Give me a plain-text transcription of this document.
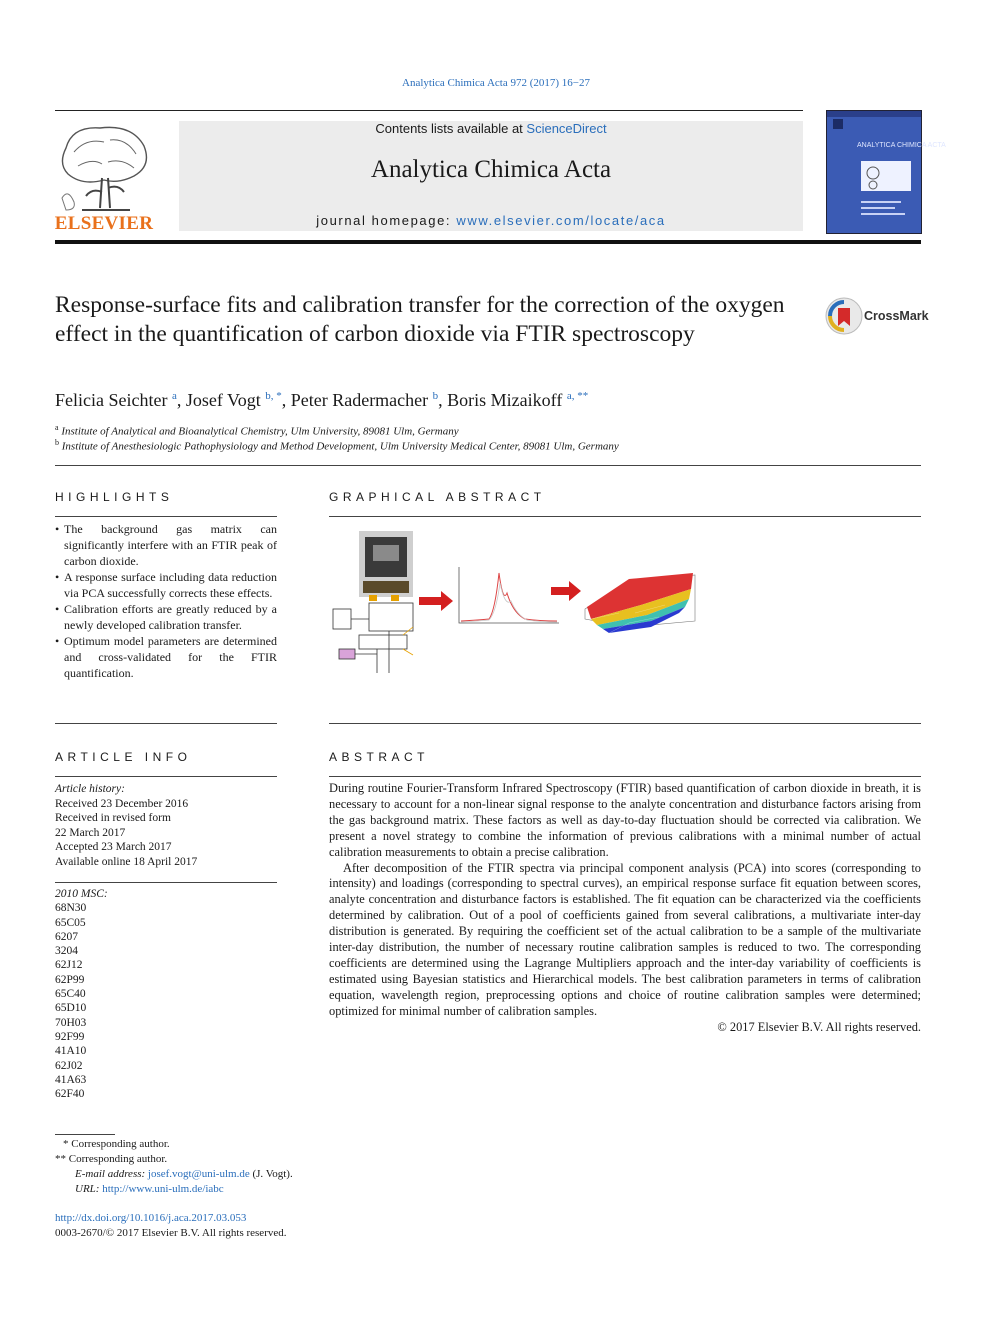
Analytica Chimica Acta 972 (2017) 16−27
ELSEVIER
Contents lists available at ScienceDirect
Analytica Chimica Acta
journal homepage: www.elsevier.com/locate/aca
ANALYTICA CHIMICA ACTA
Response-surface fits and calibration transfer for the correction of the oxygen effect in the quantification of carbon dioxide via FTIR spectroscopy
CrossMark
Felicia Seichter $^a$, Josef Vogt $^{b, *}$, Peter Radermacher $^b$, Boris Mizaikoff $^{a, **}$
$^a$ Institute of Analytical and Bioanalytical Chemistry, Ulm University, 89081 Ulm, Germany
$^b$ Institute of Anesthesiologic Pathophysiology and Method Development, Ulm University Medical Center, 89081 Ulm, Germany
HIGHLIGHTS	GRAPHICAL ABSTRACT
• The background gas matrix can significantly interfere with an FTIR peak of carbon dioxide.
• A response surface including data reduction via PCA successfully corrects these effects.
• Calibration efforts are greatly reduced by a newly developed calibration transfer.
• Optimum model parameters are determined and cross-validated for the FTIR quantification.
ARTICLE INFO	ABSTRACT
Article history:
Received 23 December 2016
Received in revised form
22 March 2017
Accepted 23 March 2017
Available online 18 April 2017
2010 MSC:
68N30
65C05
6207
3204
62J12
62P99
65C40
65D10
70H03
92F99
41A10
62J02
41A63
62F40

During routine Fourier-Transform Infrared Spectroscopy (FTIR) based quantification of carbon dioxide in breath, it is necessary to account for a non-linear signal response to the analyte concentration and disturbance factors arising from the gas background matrix. These factors as well as day-to-day fluctuation should be corrected via calibration. We present a novel strategy to combine the information of previous calibrations with a minimal number of actual calibration measurements to obtain a precise calibration.

After decomposition of the FTIR spectra via principal component analysis (PCA) into scores (corresponding to intensity) and loadings (corresponding to spectral curves), an empirical response surface fit equation between scores, analyte concentration and disturbance factors is established. The fit equation can be characterized via the coefficients determined by calibration. Out of a pool of coefficients gained from several calibrations, a multivariate inter-day distribution is generated. By requiring the coefficient set of the actual calibration to be a sample of the multivariate inter-day distribution, the number of necessary routine calibration samples is reduced to two. The corresponding coefficients are determined using the Lagrange Multipliers approach and the inter-day variability of coefficients is estimated using Bayesian statistics and Hierarchical models. The best calibration parameters in terms of calibration equation, wavelength region, preprocessing options and choice of routine calibration samples were determined; optimized for minimal number of calibration samples.

© 2017 Elsevier B.V. All rights reserved.
* Corresponding author.
** Corresponding author.
E-mail address: josef.vogt@uni-ulm.de (J. Vogt).
URL: http://www.uni-ulm.de/iabc
http://dx.doi.org/10.1016/j.aca.2017.03.053
0003-2670/© 2017 Elsevier B.V. All rights reserved.
